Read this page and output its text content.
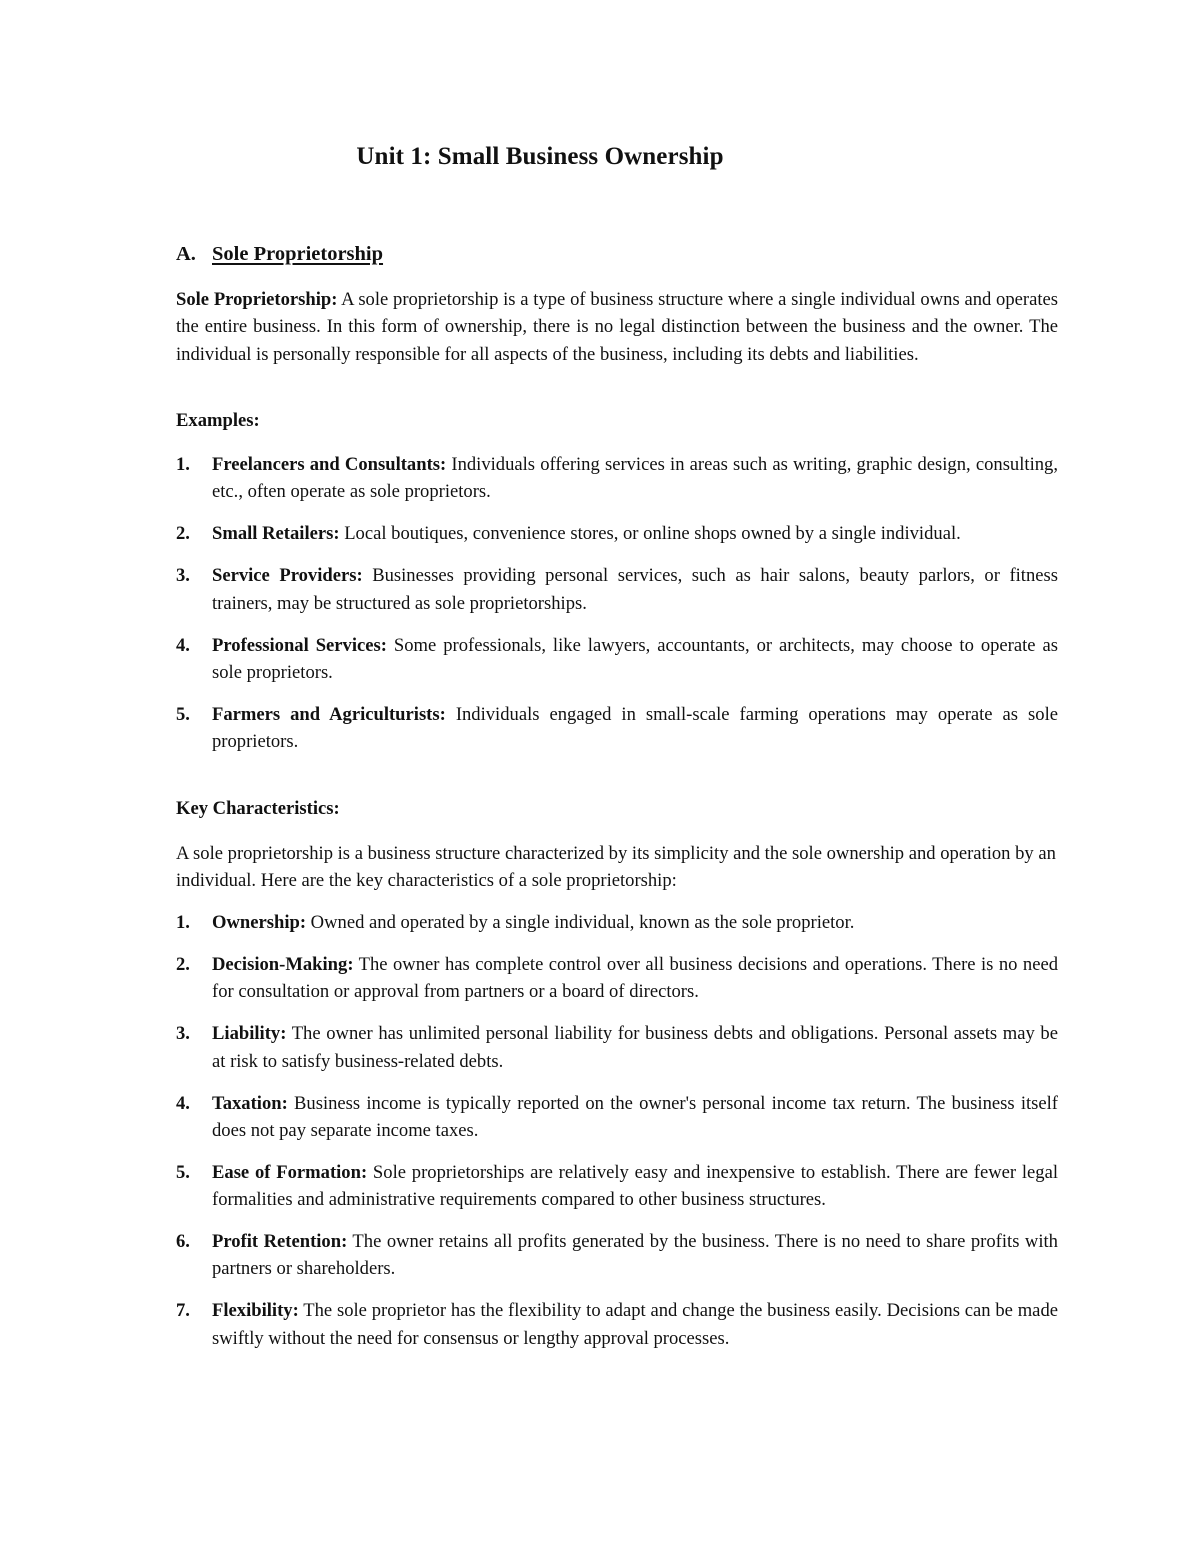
Unit 1: Small Business Ownership
A. Sole Proprietorship
Sole Proprietorship: A sole proprietorship is a type of business structure where a single individual owns and operates the entire business. In this form of ownership, there is no legal distinction between the business and the owner. The individual is personally responsible for all aspects of the business, including its debts and liabilities.
Examples:
1. Freelancers and Consultants: Individuals offering services in areas such as writing, graphic design, consulting, etc., often operate as sole proprietors.
2. Small Retailers: Local boutiques, convenience stores, or online shops owned by a single individual.
3. Service Providers: Businesses providing personal services, such as hair salons, beauty parlors, or fitness trainers, may be structured as sole proprietorships.
4. Professional Services: Some professionals, like lawyers, accountants, or architects, may choose to operate as sole proprietors.
5. Farmers and Agriculturists: Individuals engaged in small-scale farming operations may operate as sole proprietors.
Key Characteristics:
A sole proprietorship is a business structure characterized by its simplicity and the sole ownership and operation by an individual. Here are the key characteristics of a sole proprietorship:
1. Ownership: Owned and operated by a single individual, known as the sole proprietor.
2. Decision-Making: The owner has complete control over all business decisions and operations. There is no need for consultation or approval from partners or a board of directors.
3. Liability: The owner has unlimited personal liability for business debts and obligations. Personal assets may be at risk to satisfy business-related debts.
4. Taxation: Business income is typically reported on the owner's personal income tax return. The business itself does not pay separate income taxes.
5. Ease of Formation: Sole proprietorships are relatively easy and inexpensive to establish. There are fewer legal formalities and administrative requirements compared to other business structures.
6. Profit Retention: The owner retains all profits generated by the business. There is no need to share profits with partners or shareholders.
7. Flexibility: The sole proprietor has the flexibility to adapt and change the business easily. Decisions can be made swiftly without the need for consensus or lengthy approval processes.
